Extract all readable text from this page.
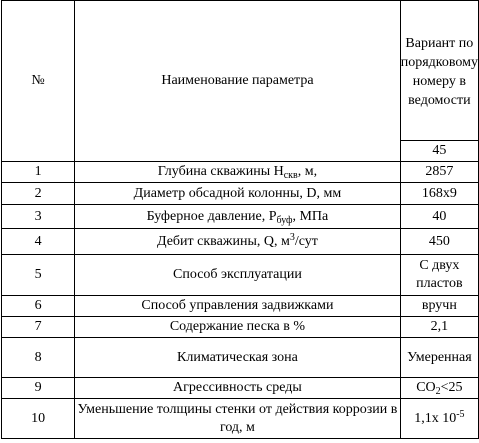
№	Наименование параметра	Вариант по порядковому номеру в ведомости
		45
1	Глубина скважины $H_{скв}$, м,	2857
2	Диаметр обсадной колонны, D, мм	168х9
3	Буферное давление, $P_{буф}$, МПа	40
4	Дебит скважины, Q, $м^3$/сут	450
5	Способ эксплуатации	С двух пластов
6	Способ управления задвижками	вручн
7	Содержание песка в %	2,1
8	Климатическая зона	Умеренная
9	Агрессивность среды	$CO_2<25$
10	Уменьшение толщины стенки от действия коррозии в год, м	1,1х $10^{-5}$
